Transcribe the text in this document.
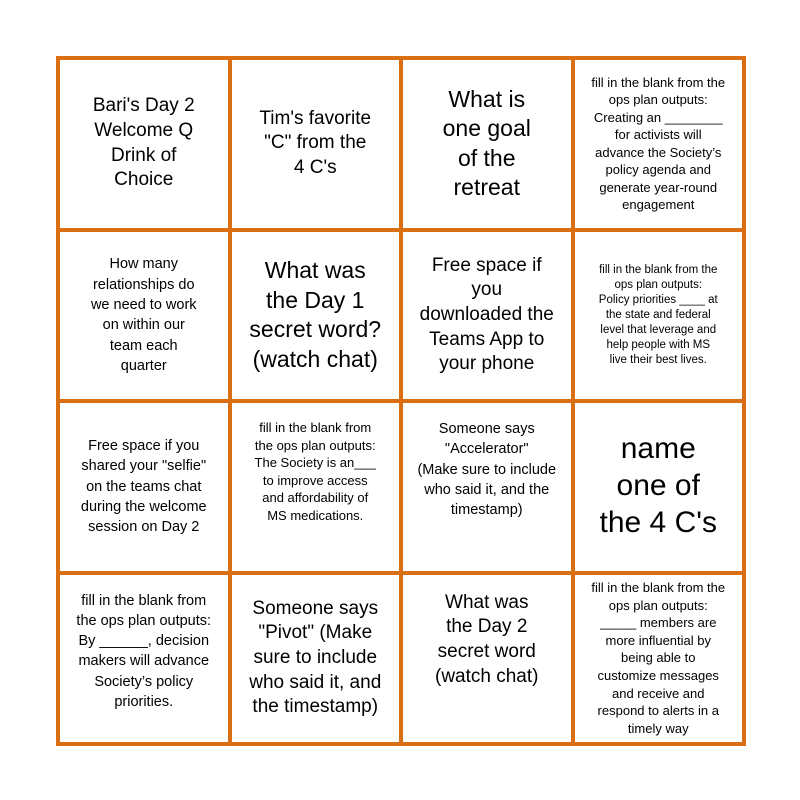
Bari's Day 2
Welcome Q
Drink of
Choice
Tim's favorite
"C" from the
4 C's
What is
one goal
of the
retreat
fill in the blank from the
ops plan outputs:
Creating an ________
for activists will
advance the Society’s
policy agenda and
generate year-round
engagement
How many
relationships do
we need to work
on within our
team each
quarter
What was
the Day 1
secret word?
(watch chat)
Free space if
you
downloaded the
Teams App to
your phone
fill in the blank from the
ops plan outputs:
Policy priorities ____ at
the state and federal
level that leverage and
help people with MS
live their best lives.
Free space if you
shared your "selfie"
on the teams chat
during the welcome
session on Day 2
fill in the blank from
the ops plan outputs:
The Society is an___
to improve access
and affordability of
MS medications.
Someone says
"Accelerator"
(Make sure to include
who said it, and the
timestamp)
name
one of
the 4 C's
fill in the blank from
the ops plan outputs:
By ______, decision
makers will advance
Society’s policy
priorities.
Someone says
"Pivot" (Make
sure to include
who said it, and
the timestamp)
What was
the Day 2
secret word
(watch chat)
fill in the blank from the
ops plan outputs:
_____ members are
more influential by
being able to
customize messages
and receive and
respond to alerts in a
timely way
